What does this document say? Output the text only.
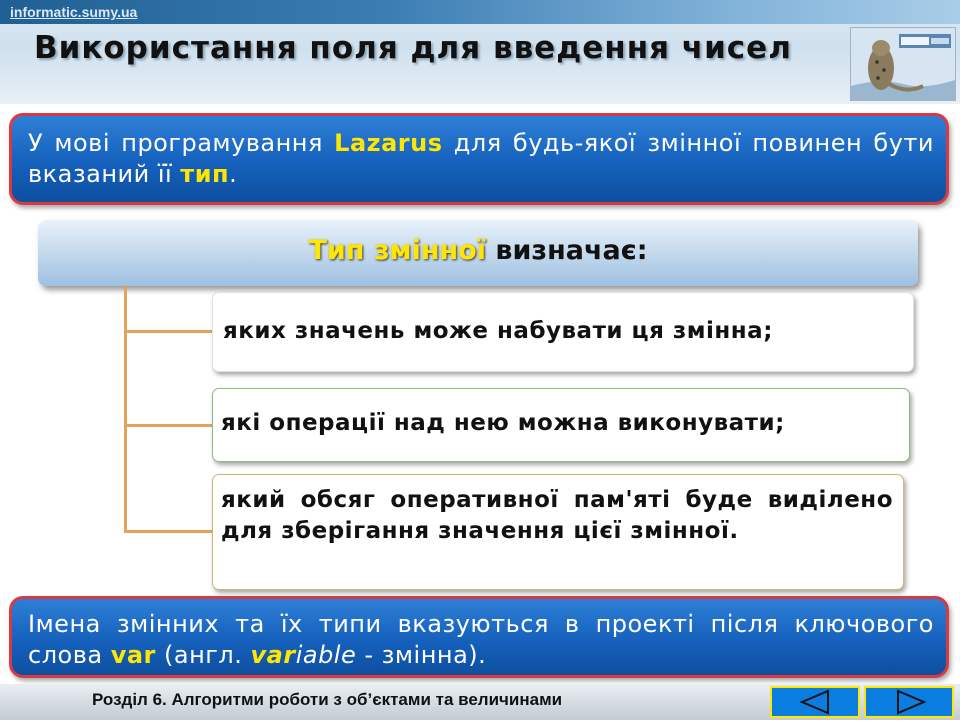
informatic.sumy.ua
Використання поля для введення чисел
У мові програмування Lazarus для будь-якої змінної повинен бути вказаний її тип.
Тип змінної визначає:
яких значень може набувати ця змінна;
які операції над нею можна виконувати;
який обсяг оперативної пам'яті буде виділено для зберігання значення цієї змінної.
Імена змінних та їх типи вказуються в проекті після ключового слова var (англ. variable - змінна).
Розділ 6. Алгоритми роботи з об’єктами та величинами
